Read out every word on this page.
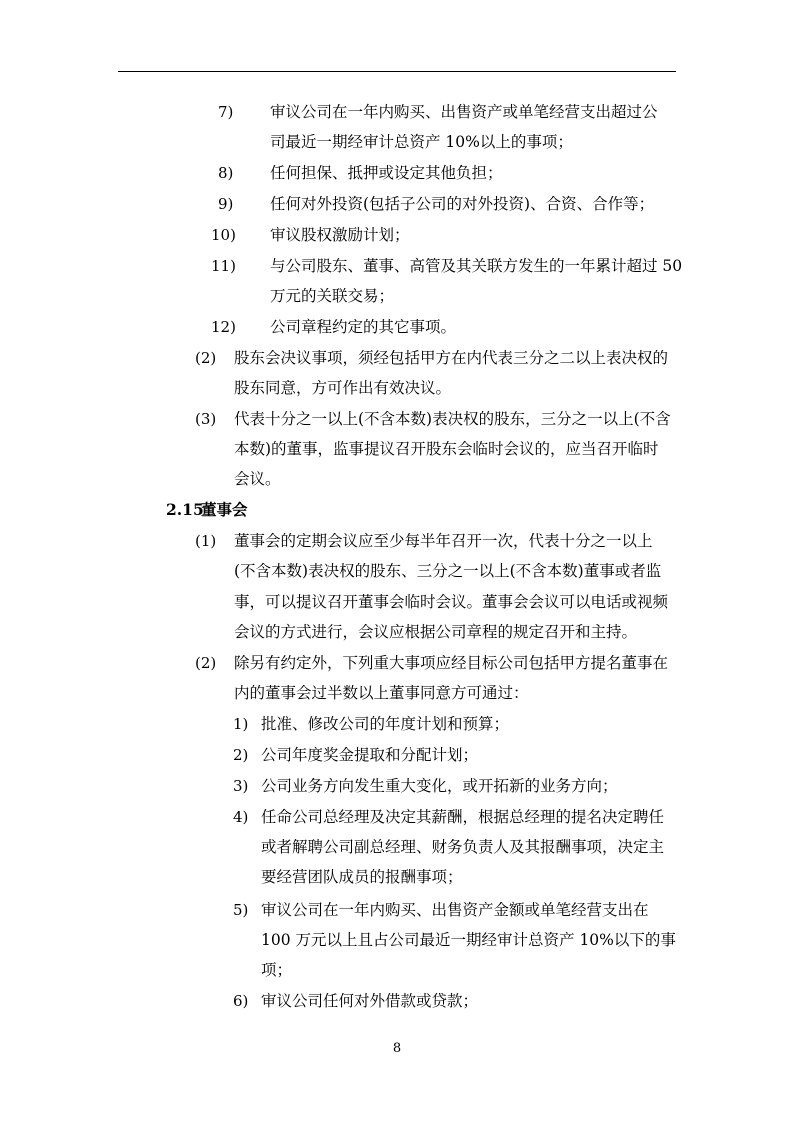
7) 审议公司在一年内购买、出售资产或单笔经营支出超过公
司最近一期经审计总资产 10%以上的事项；
8) 任何担保、抵押或设定其他负担；
9) 任何对外投资(包括子公司的对外投资)、合资、合作等；
10) 审议股权激励计划；
11) 与公司股东、董事、高管及其关联方发生的一年累计超过 50
万元的关联交易；
12) 公司章程约定的其它事项。
(2) 股东会决议事项，须经包括甲方在内代表三分之二以上表决权的
股东同意，方可作出有效决议。
(3) 代表十分之一以上(不含本数)表决权的股东，三分之一以上(不含
本数)的董事，监事提议召开股东会临时会议的，应当召开临时
会议。
2.15
董事会
(1) 董事会的定期会议应至少每半年召开一次，代表十分之一以上
(不含本数)表决权的股东、三分之一以上(不含本数)董事或者监
事，可以提议召开董事会临时会议。董事会会议可以电话或视频
会议的方式进行，会议应根据公司章程的规定召开和主持。
(2) 除另有约定外，下列重大事项应经目标公司包括甲方提名董事在
内的董事会过半数以上董事同意方可通过：
1) 批准、修改公司的年度计划和预算；
2) 公司年度奖金提取和分配计划；
3) 公司业务方向发生重大变化，或开拓新的业务方向；
4) 任命公司总经理及决定其薪酬，根据总经理的提名决定聘任
或者解聘公司副总经理、财务负责人及其报酬事项，决定主
要经营团队成员的报酬事项；
5) 审议公司在一年内购买、出售资产金额或单笔经营支出在
100 万元以上且占公司最近一期经审计总资产 10%以下的事
项；
6) 审议公司任何对外借款或贷款；
8
